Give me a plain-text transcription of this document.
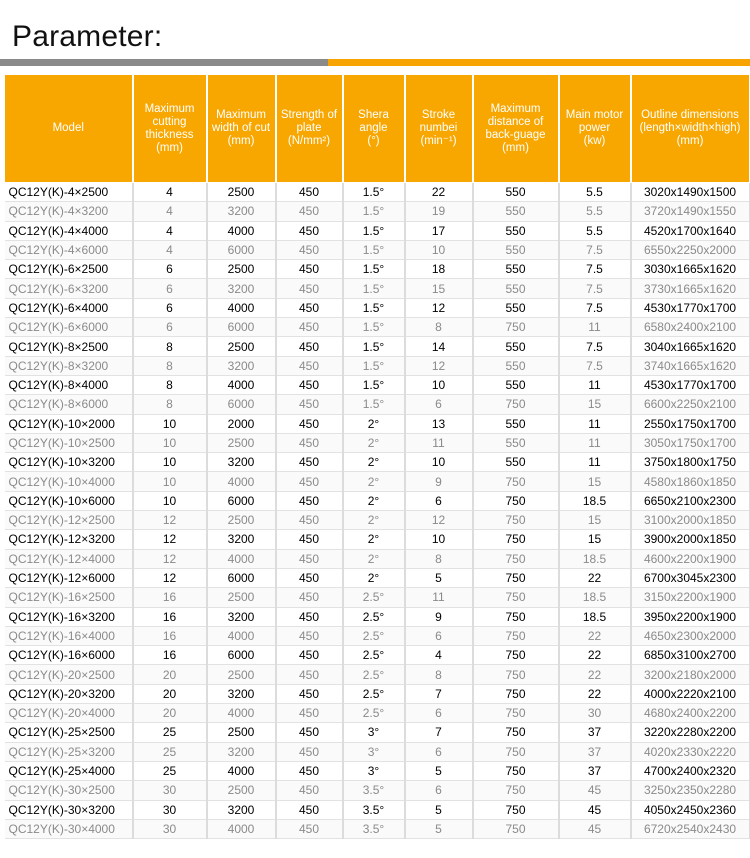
Parameter:
Model	Maximum
cutting
thickness
(mm)	Maximum
width of cut
(mm)	Strength of
plate
(N/mm²)	Shera
angle
(°)	Stroke
numbei
(min⁻¹)	Maximum
distance of
back-guage
(mm)	Main motor
power
(kw)	Outline dimensions
(length×width×high)
(mm)
QC12Y(K)-4×2500	4	2500	450	1.5°	22	550	5.5	3020x1490x1500
QC12Y(K)-4×3200	4	3200	450	1.5°	19	550	5.5	3720x1490x1550
QC12Y(K)-4×4000	4	4000	450	1.5°	17	550	5.5	4520x1700x1640
QC12Y(K)-4×6000	4	6000	450	1.5°	10	550	7.5	6550x2250x2000
QC12Y(K)-6×2500	6	2500	450	1.5°	18	550	7.5	3030x1665x1620
QC12Y(K)-6×3200	6	3200	450	1.5°	15	550	7.5	3730x1665x1620
QC12Y(K)-6×4000	6	4000	450	1.5°	12	550	7.5	4530x1770x1700
QC12Y(K)-6×6000	6	6000	450	1.5°	8	750	11	6580x2400x2100
QC12Y(K)-8×2500	8	2500	450	1.5°	14	550	7.5	3040x1665x1620
QC12Y(K)-8×3200	8	3200	450	1.5°	12	550	7.5	3740x1665x1620
QC12Y(K)-8×4000	8	4000	450	1.5°	10	550	11	4530x1770x1700
QC12Y(K)-8×6000	8	6000	450	1.5°	6	750	15	6600x2250x2100
QC12Y(K)-10×2000	10	2000	450	2°	13	550	11	2550x1750x1700
QC12Y(K)-10×2500	10	2500	450	2°	11	550	11	3050x1750x1700
QC12Y(K)-10×3200	10	3200	450	2°	10	550	11	3750x1800x1750
QC12Y(K)-10×4000	10	4000	450	2°	9	750	15	4580x1860x1850
QC12Y(K)-10×6000	10	6000	450	2°	6	750	18.5	6650x2100x2300
QC12Y(K)-12×2500	12	2500	450	2°	12	750	15	3100x2000x1850
QC12Y(K)-12×3200	12	3200	450	2°	10	750	15	3900x2000x1850
QC12Y(K)-12×4000	12	4000	450	2°	8	750	18.5	4600x2200x1900
QC12Y(K)-12×6000	12	6000	450	2°	5	750	22	6700x3045x2300
QC12Y(K)-16×2500	16	2500	450	2.5°	11	750	18.5	3150x2200x1900
QC12Y(K)-16×3200	16	3200	450	2.5°	9	750	18.5	3950x2200x1900
QC12Y(K)-16×4000	16	4000	450	2.5°	6	750	22	4650x2300x2000
QC12Y(K)-16×6000	16	6000	450	2.5°	4	750	22	6850x3100x2700
QC12Y(K)-20×2500	20	2500	450	2.5°	8	750	22	3200x2180x2000
QC12Y(K)-20×3200	20	3200	450	2.5°	7	750	22	4000x2220x2100
QC12Y(K)-20×4000	20	4000	450	2.5°	6	750	30	4680x2400x2200
QC12Y(K)-25×2500	25	2500	450	3°	7	750	37	3220x2280x2200
QC12Y(K)-25×3200	25	3200	450	3°	6	750	37	4020x2330x2220
QC12Y(K)-25×4000	25	4000	450	3°	5	750	37	4700x2400x2320
QC12Y(K)-30×2500	30	2500	450	3.5°	6	750	45	3250x2350x2280
QC12Y(K)-30×3200	30	3200	450	3.5°	5	750	45	4050x2450x2360
QC12Y(K)-30×4000	30	4000	450	3.5°	5	750	45	6720x2540x2430
